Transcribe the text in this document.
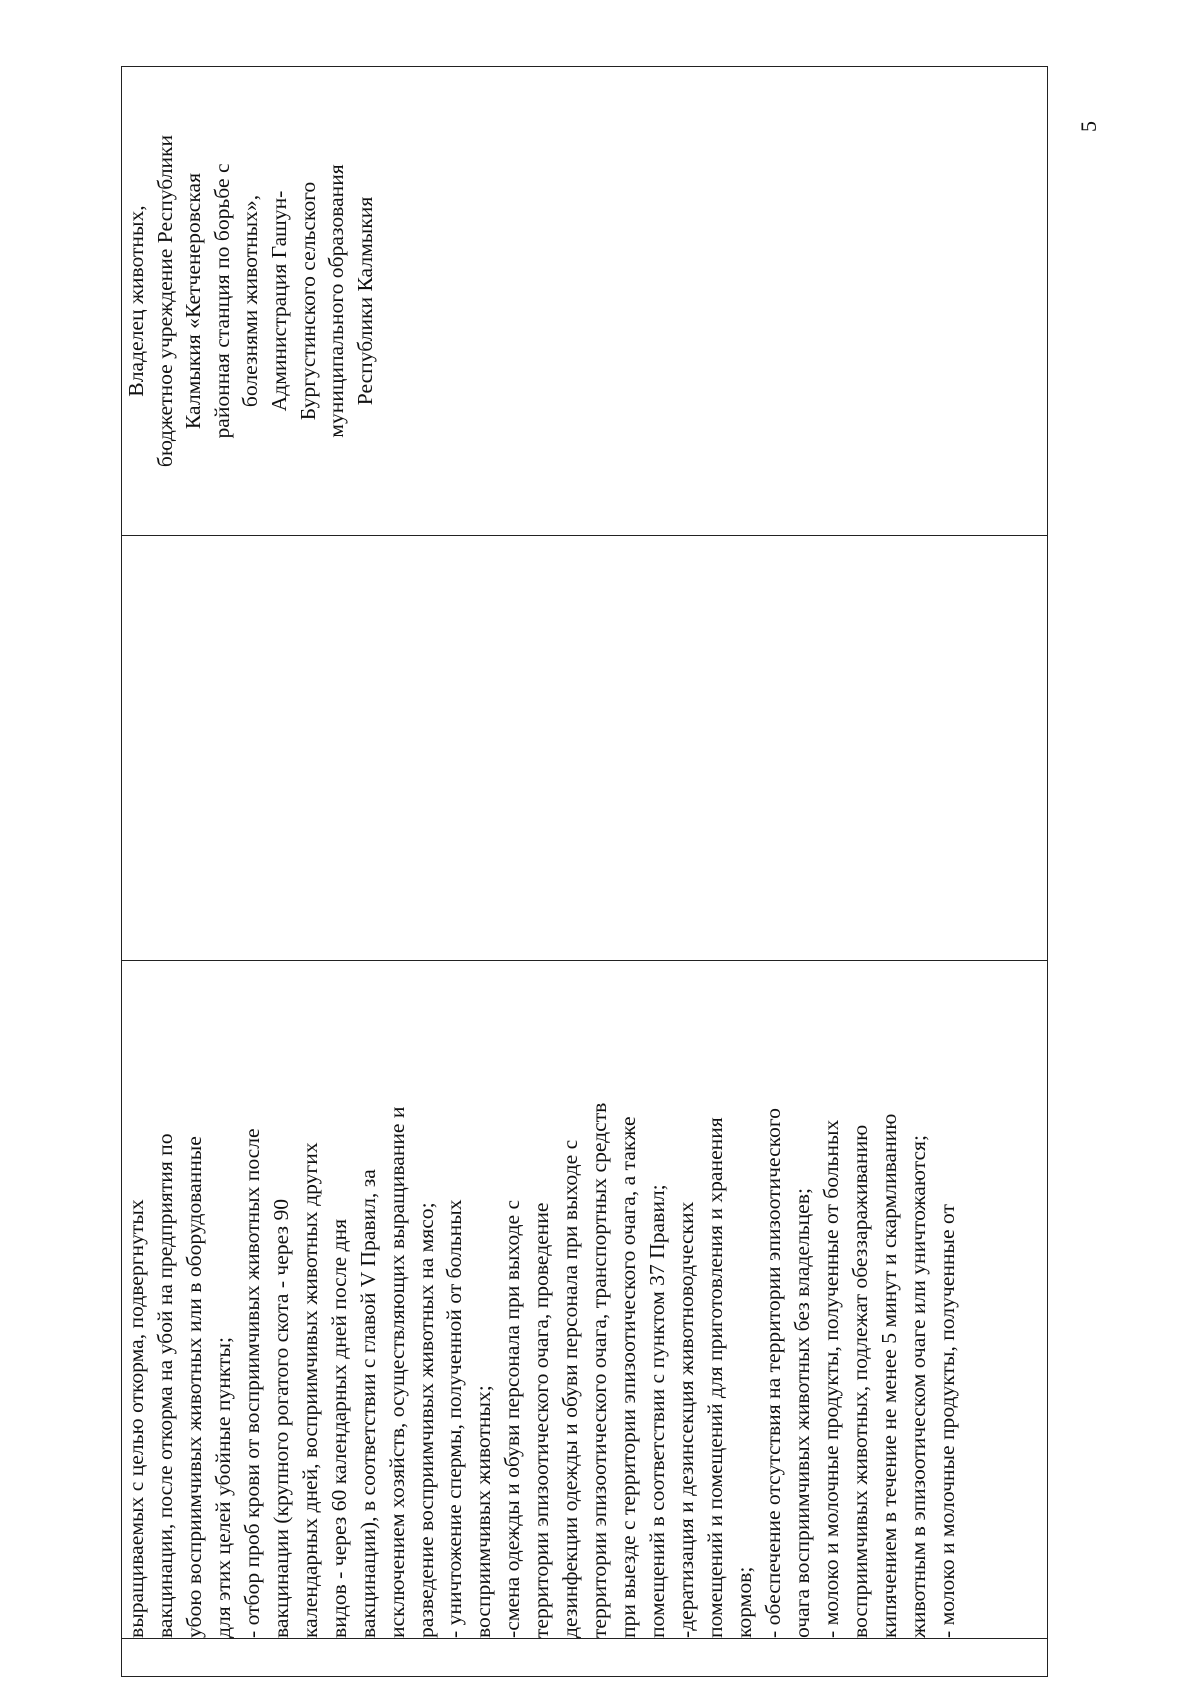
выращиваемых с целью откорма, подвергнутых вакцинации, после откорма на убой на предприятия по убою восприимчивых животных или в оборудованные для этих целей убойные пункты; - отбор проб крови от восприимчивых животных после вакцинации (крупного рогатого скота - через 90 календарных дней, восприимчивых животных других видов - через 60 календарных дней после дня вакцинации), в соответствии с главой V Правил, за исключением хозяйств, осуществляющих выращивание и разведение восприимчивых животных на мясо; - уничтожение спермы, полученной от больных восприимчивых животных; -смена одежды и обуви персонала при выходе с территории эпизоотического очага, проведение дезинфекции одежды и обуви персонала при выходе с территории эпизоотического очага, транспортных средств при выезде с территории эпизоотического очага, а также помещений в соответствии с пунктом 37 Правил; -дератизация и дезинсекция животноводческих помещений и помещений для приготовления и хранения кормов; - обеспечение отсутствия на территории эпизоотического очага восприимчивых животных без владельцев; - молоко и молочные продукты, полученные от больных восприимчивых животных, подлежат обеззараживанию кипячением в течение не менее 5 минут и скармливанию животным в эпизоотическом очаге или уничтожаются; - молоко и молочные продукты, полученные от

Владелец животных, бюджетное учреждение Республики Калмыкия «Кетченеровская районная станция по борьбе с болезнями животных», Администрация Гашун- Бургустинского сельского муниципального образования Республики Калмыкия
5
